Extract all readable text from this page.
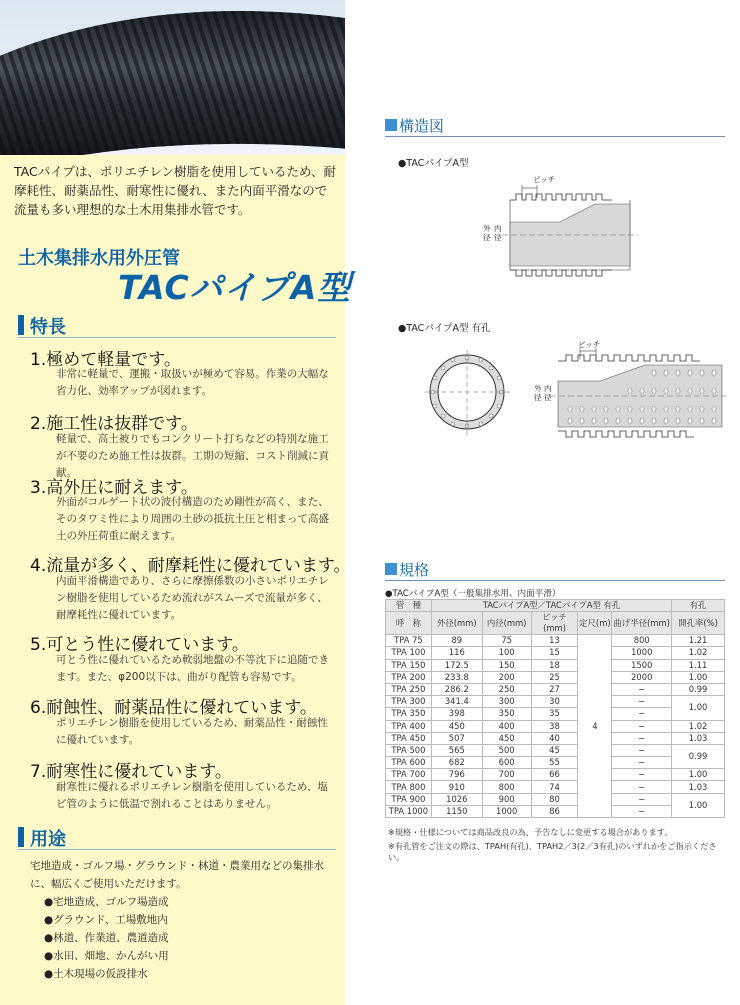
TACパイプは、ポリエチレン樹脂を使用しているため、耐摩耗性、耐薬品性、耐寒性に優れ、また内面平滑なので流量も多い理想的な土木用集排水管です。
土木集排水用外圧管
TACパイプA型
特長
1.極めて軽量です。
非常に軽量で、運搬・取扱いが極めて容易。作業の大幅な省力化、効率アップが図れます。
2.施工性は抜群です。
軽量で、高土被りでもコンクリート打ちなどの特別な施工が不要のため施工性は抜群。工期の短縮、コスト削減に貢献。
3.高外圧に耐えます。
外面がコルゲート状の波付構造のため剛性が高く、また、そのタワミ性により周囲の土砂の抵抗土圧と相まって高盛土の外圧荷重に耐えます。
4.流量が多く、耐摩耗性に優れています。
内面平滑構造であり、さらに摩擦係数の小さいポリエチレン樹脂を使用しているため流れがスムーズで流量が多く、耐摩耗性に優れています。
5.可とう性に優れています。
可とう性に優れているため軟弱地盤の不等沈下に追随できます。また、φ200以下は、曲がり配管も容易です。
6.耐蝕性、耐薬品性に優れています。
ポリエチレン樹脂を使用しているため、耐薬品性・耐蝕性に優れています。
7.耐寒性に優れています。
耐寒性に優れるポリエチレン樹脂を使用しているため、塩ビ管のように低温で割れることはありません。
用途
宅地造成・ゴルフ場・グラウンド・林道・農業用などの集排水に、幅広くご使用いただけます。
●宅地造成、ゴルフ場造成
●グラウンド、工場敷地内
●林道、作業道、農道造成
●水田、畑地、かんがい用
●土木現場の仮設排水
構造図
●TACパイプA型
ピッチ
外径
内径
●TACパイプA型 有孔
ピッチ
外径
内径
規格
●TACパイプA型（一般集排水用、内面平滑）
管　種	TACパイプA型／TACパイプA型 有孔					有孔
呼　称	外径(mm)	内径(mm)	ピッチ(mm)	定尺(m)	曲げ半径(mm)	開孔率(%)
TPA 75	89	75	13	4	800	1.21
TPA 100	116	100	15		1000	1.02
TPA 150	172.5	150	18		1500	1.11
TPA 200	233.8	200	25		2000	1.00
TPA 250	286.2	250	27		−	0.99
TPA 300	341.4	300	30		−	1.00
TPA 350	398	350	35		−	
TPA 400	450	400	38		−	1.02
TPA 450	507	450	40		−	1.03
TPA 500	565	500	45		−	0.99
TPA 600	682	600	55		−	
TPA 700	796	700	66		−	1.00
TPA 800	910	800	74		−	1.03
TPA 900	1026	900	80		−	1.00
TPA 1000	1150	1000	86		−	
※規格・仕様については商品改良の為、予告なしに変更する場合があります。
※有孔管をご注文の際は、TPAH(有孔)、TPAH2／3(2／3有孔)のいずれかをご指示ください。
